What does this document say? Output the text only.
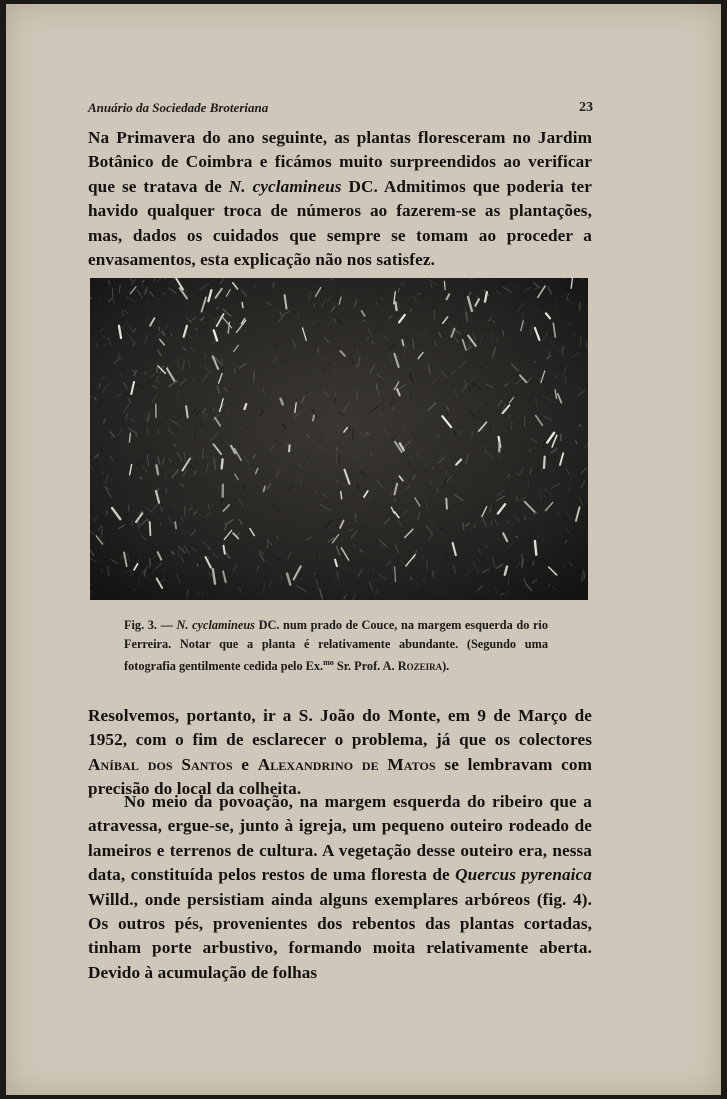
Anuário da Sociedade Broteriana	23

Na Primavera do ano seguinte, as plantas floresceram no Jardim Botânico de Coimbra e ficámos muito surpreendidos ao verificar que se tratava de N. cyclamineus DC. Admitimos que poderia ter havido qualquer troca de números ao fazerem-se as plantações, mas, dados os cuidados que sempre se tomam ao proceder a envasamentos, esta explicação não nos satisfez.

Fig. 3. — N. cyclamineus DC. num prado de Couce, na margem esquerda do rio Ferreira. Notar que a planta é relativamente abundante. (Segundo uma fotografia gentilmente cedida pelo Ex.$^{mo}$ Sr. Prof. A. Rozeira).

Resolvemos, portanto, ir a S. João do Monte, em 9 de Março de 1952, com o fim de esclarecer o problema, já que os colectores Aníbal dos Santos e Alexandrino de Matos se lembravam com precisão do local da colheita.

No meio da povoação, na margem esquerda do ribeiro que a atravessa, ergue-se, junto à igreja, um pequeno outeiro rodeado de lameiros e terrenos de cultura. A vegetação desse outeiro era, nessa data, constituída pelos restos de uma floresta de Quercus pyrenaica Willd., onde persistiam ainda alguns exemplares arbóreos (fig. 4). Os outros pés, provenientes dos rebentos das plantas cortadas, tinham porte arbustivo, formando moita relativamente aberta. Devido à acumulação de folhas
